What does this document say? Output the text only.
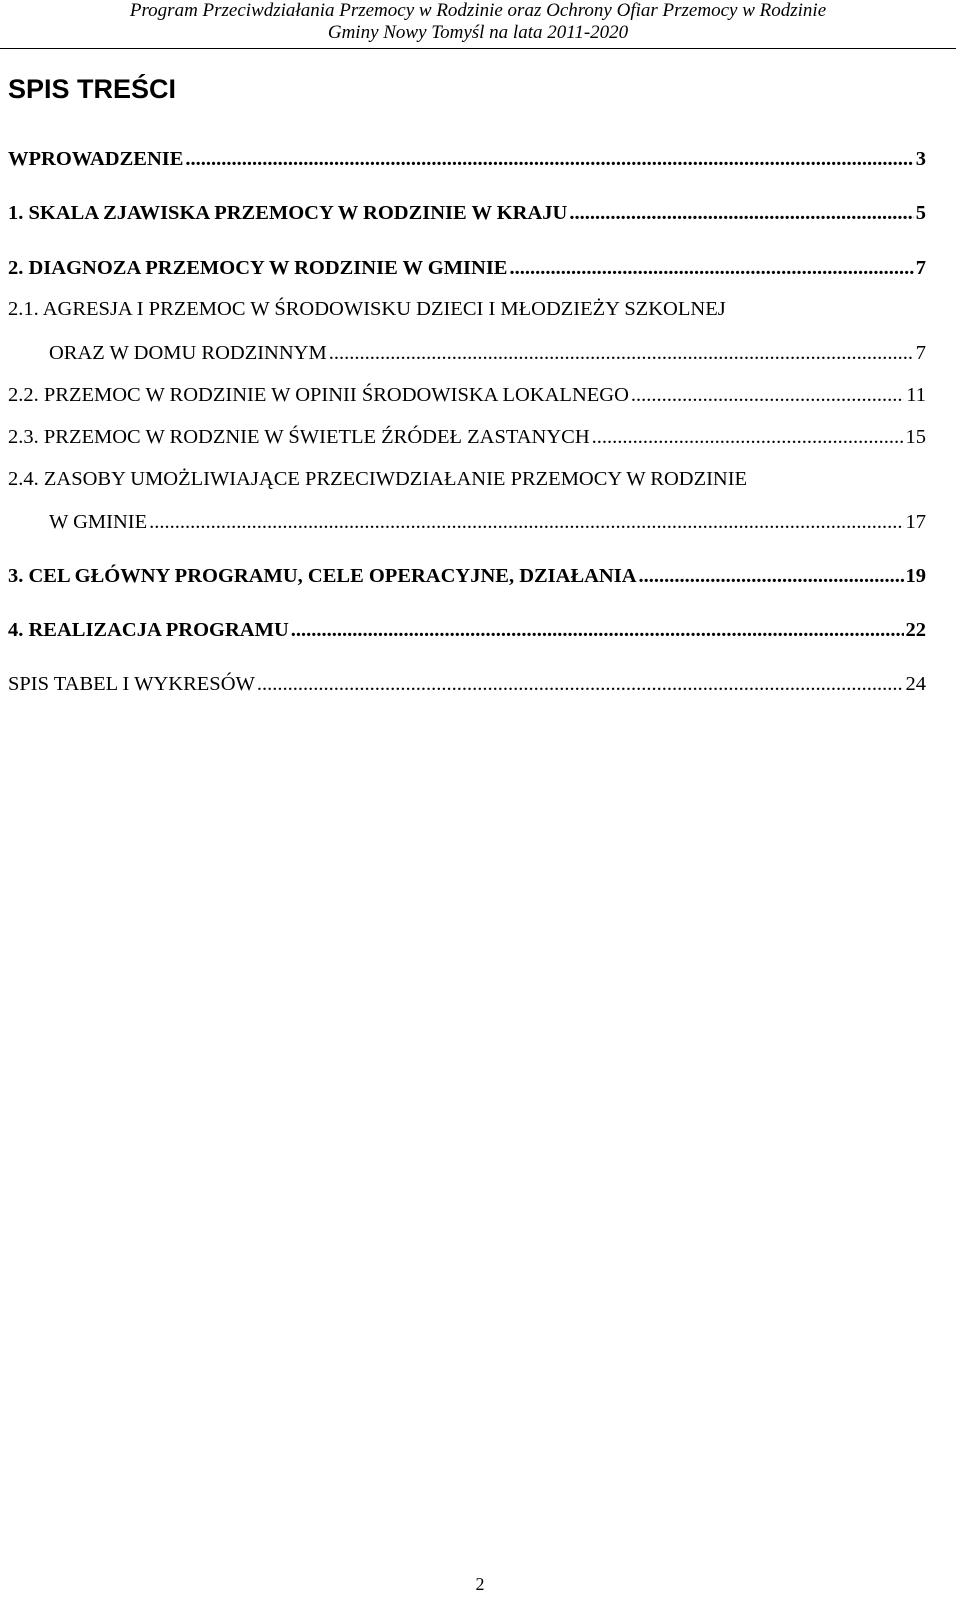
Program Przeciwdziałania Przemocy w Rodzinie oraz Ochrony Ofiar Przemocy w Rodzinie
Gminy Nowy Tomyśl na lata 2011-2020
SPIS TREŚCI
WPROWADZENIE .....	3
1. SKALA ZJAWISKA PRZEMOCY W RODZINIE W KRAJU .....	5
2. DIAGNOZA PRZEMOCY W RODZINIE W GMINIE .....	7
2.1. AGRESJA I PRZEMOC W ŚRODOWISKU DZIECI I MŁODZIEŻY SZKOLNEJ
ORAZ W DOMU RODZINNYM .....	7
2.2. PRZEMOC W RODZINIE W OPINII ŚRODOWISKA LOKALNEGO .....	11
2.3. PRZEMOC W RODZNIE W ŚWIETLE ŹRÓDEŁ ZASTANYCH .....	15
2.4. ZASOBY UMOŻLIWIAJĄCE PRZECIWDZIAŁANIE PRZEMOCY W RODZINIE
W GMINIE .....	17
3. CEL GŁÓWNY PROGRAMU, CELE OPERACYJNE, DZIAŁANIA .....	19
4. REALIZACJA PROGRAMU .....	22
SPIS TABEL I WYKRESÓW .....	24
2
